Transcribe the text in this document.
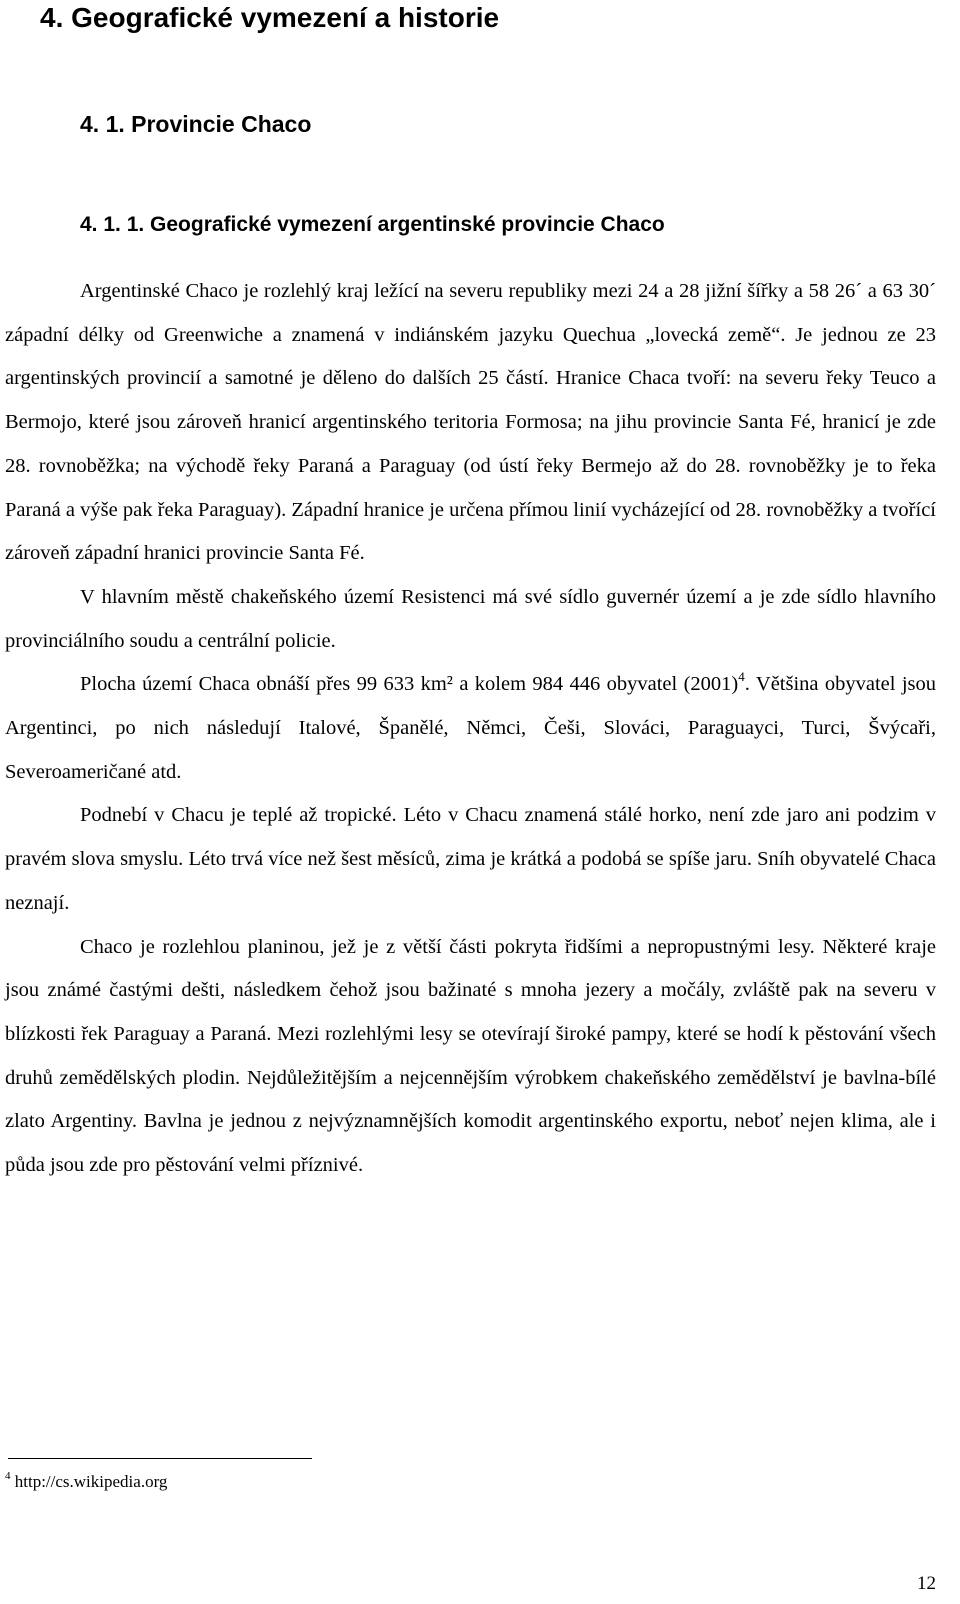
4. Geografické vymezení a historie
4. 1. Provincie Chaco
4. 1. 1. Geografické vymezení argentinské provincie Chaco

Argentinské Chaco je rozlehlý kraj ležící na severu republiky mezi 24 a 28 jižní šířky a 58 26´ a 63 30´ západní délky od Greenwiche a znamená v indiánském jazyku Quechua „lovecká země“. Je jednou ze 23 argentinských provincií a samotné je děleno do dalších 25 částí. Hranice Chaca tvoří: na severu řeky Teuco a Bermojo, které jsou zároveň hranicí argentinského teritoria Formosa; na jihu provincie Santa Fé, hranicí je zde 28. rovnoběžka; na východě řeky Paraná a Paraguay (od ústí řeky Bermejo až do 28. rovnoběžky je to řeka Paraná a výše pak řeka Paraguay). Západní hranice je určena přímou linií vycházející od 28. rovnoběžky a tvořící zároveň západní hranici provincie Santa Fé.

V hlavním městě chakeňského území Resistenci má své sídlo guvernér území a je zde sídlo hlavního provinciálního soudu a centrální policie.

Plocha území Chaca obnáší přes 99 633 km² a kolem 984 446 obyvatel $(2001)^4$. Většina obyvatel jsou Argentinci, po nich následují Italové, Španělé, Němci, Češi, Slováci, Paraguayci, Turci, Švýcaři, Severoameričané atd.

Podnebí v Chacu je teplé až tropické. Léto v Chacu znamená stálé horko, není zde jaro ani podzim v pravém slova smyslu. Léto trvá více než šest měsíců, zima je krátká a podobá se spíše jaru. Sníh obyvatelé Chaca neznají.

Chaco je rozlehlou planinou, jež je z větší části pokryta řidšími a nepropustnými lesy. Některé kraje jsou známé častými dešti, následkem čehož jsou bažinaté s mnoha jezery a močály, zvláště pak na severu v blízkosti řek Paraguay a Paraná. Mezi rozlehlými lesy se otevírají široké pampy, které se hodí k pěstování všech druhů zemědělských plodin. Nejdůležitějším a nejcennějším výrobkem chakeňského zemědělství je bavlna-bílé zlato Argentiny. Bavlna je jednou z nejvýznamnějších komodit argentinského exportu, neboť nejen klima, ale i půda jsou zde pro pěstování velmi příznivé.

$^4$ http://cs.wikipedia.org
12
